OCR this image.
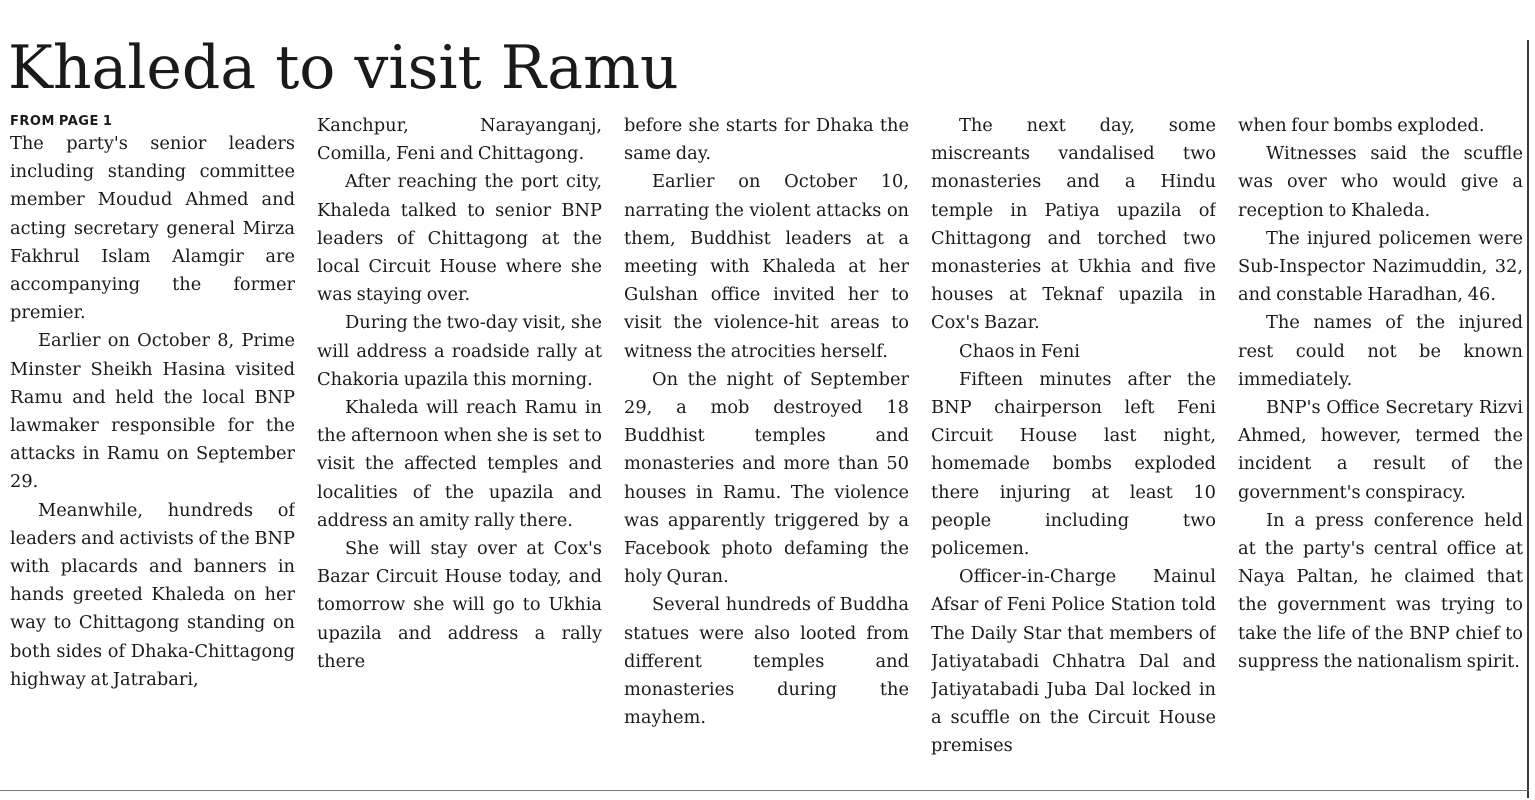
Khaleda to visit Ramu
FROM PAGE 1

The party's senior leaders including standing committee member Moudud Ahmed and acting secretary general Mirza Fakhrul Islam Alamgir are accompanying the former premier.

Earlier on October 8, Prime Minster Sheikh Hasina visited Ramu and held the local BNP lawmaker responsible for the attacks in Ramu on September 29.

Meanwhile, hundreds of leaders and activists of the BNP with placards and banners in hands greeted Khaleda on her way to Chittagong standing on both sides of Dhaka-Chittagong highway at Jatrabari,

Kanchpur, Narayanganj, Comilla, Feni and Chittagong.

After reaching the port city, Khaleda talked to senior BNP leaders of Chittagong at the local Circuit House where she was staying over.

During the two-day visit, she will address a roadside rally at Chakoria upazila this morning.

Khaleda will reach Ramu in the afternoon when she is set to visit the affected temples and localities of the upazila and address an amity rally there.

She will stay over at Cox's Bazar Circuit House today, and tomorrow she will go to Ukhia upazila and address a rally there

before she starts for Dhaka the same day.

Earlier on October 10, narrating the violent attacks on them, Buddhist leaders at a meeting with Khaleda at her Gulshan office invited her to visit the violence-hit areas to witness the atrocities herself.

On the night of September 29, a mob destroyed 18 Buddhist temples and monasteries and more than 50 houses in Ramu. The violence was apparently triggered by a Facebook photo defaming the holy Quran.

Several hundreds of Buddha statues were also looted from different temples and monasteries during the mayhem.

The next day, some miscreants vandalised two monasteries and a Hindu temple in Patiya upazila of Chittagong and torched two monasteries at Ukhia and five houses at Teknaf upazila in Cox's Bazar.

Chaos in Feni

Fifteen minutes after the BNP chairperson left Feni Circuit House last night, homemade bombs exploded there injuring at least 10 people including two policemen.

Officer-in-Charge Mainul Afsar of Feni Police Station told The Daily Star that members of Jatiyatabadi Chhatra Dal and Jatiyatabadi Juba Dal locked in a scuffle on the Circuit House premises

when four bombs exploded.

Witnesses said the scuffle was over who would give a reception to Khaleda.

The injured policemen were Sub-Inspector Nazimuddin, 32, and constable Haradhan, 46.

The names of the injured rest could not be known immediately.

BNP's Office Secretary Rizvi Ahmed, however, termed the incident a result of the government's conspiracy.

In a press conference held at the party's central office at Naya Paltan, he claimed that the government was trying to take the life of the BNP chief to suppress the nationalism spirit.
